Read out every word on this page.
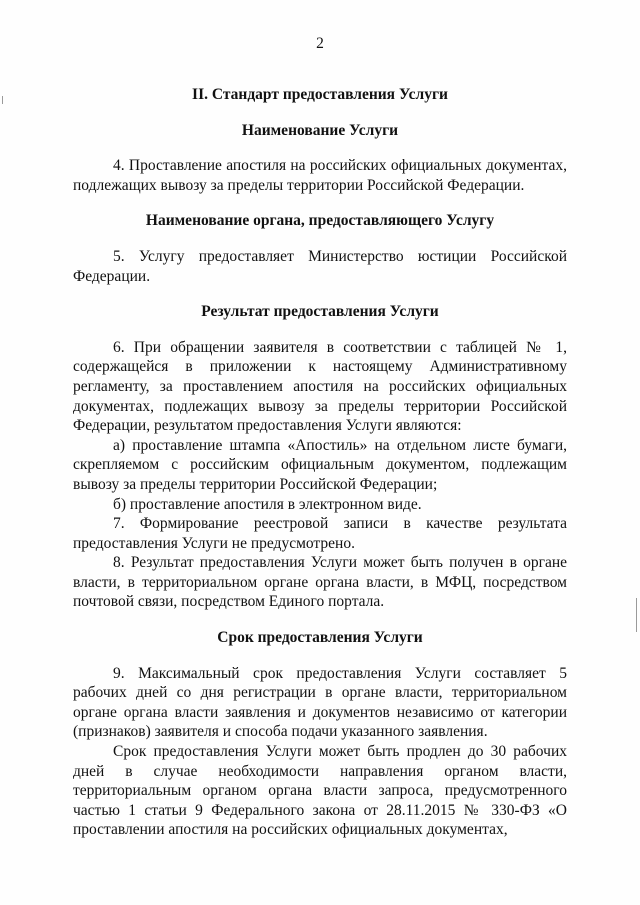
2

II. Стандарт предоставления Услуги

Наименование Услуги

4. Проставление апостиля на российских официальных документах, подлежащих вывозу за пределы территории Российской Федерации.

Наименование органа, предоставляющего Услугу

5. Услугу предоставляет Министерство юстиции Российской Федерации.

Результат предоставления Услуги

6. При обращении заявителя в соответствии с таблицей № 1, содержащейся в приложении к настоящему Административному регламенту, за проставлением апостиля на российских официальных документах, подлежащих вывозу за пределы территории Российской Федерации, результатом предоставления Услуги являются:

а) проставление штампа «Апостиль» на отдельном листе бумаги, скрепляемом с российским официальным документом, подлежащим вывозу за пределы территории Российской Федерации;

б) проставление апостиля в электронном виде.

7. Формирование реестровой записи в качестве результата предоставления Услуги не предусмотрено.

8. Результат предоставления Услуги может быть получен в органе власти, в территориальном органе органа власти, в МФЦ, посредством почтовой связи, посредством Единого портала.

Срок предоставления Услуги

9. Максимальный срок предоставления Услуги составляет 5 рабочих дней со дня регистрации в органе власти, территориальном органе органа власти заявления и документов независимо от категории (признаков) заявителя и способа подачи указанного заявления.

Срок предоставления Услуги может быть продлен до 30 рабочих дней в случае необходимости направления органом власти, территориальным органом органа власти запроса, предусмотренного частью 1 статьи 9 Федерального закона от 28.11.2015 № 330-ФЗ «О проставлении апостиля на российских официальных документах,
